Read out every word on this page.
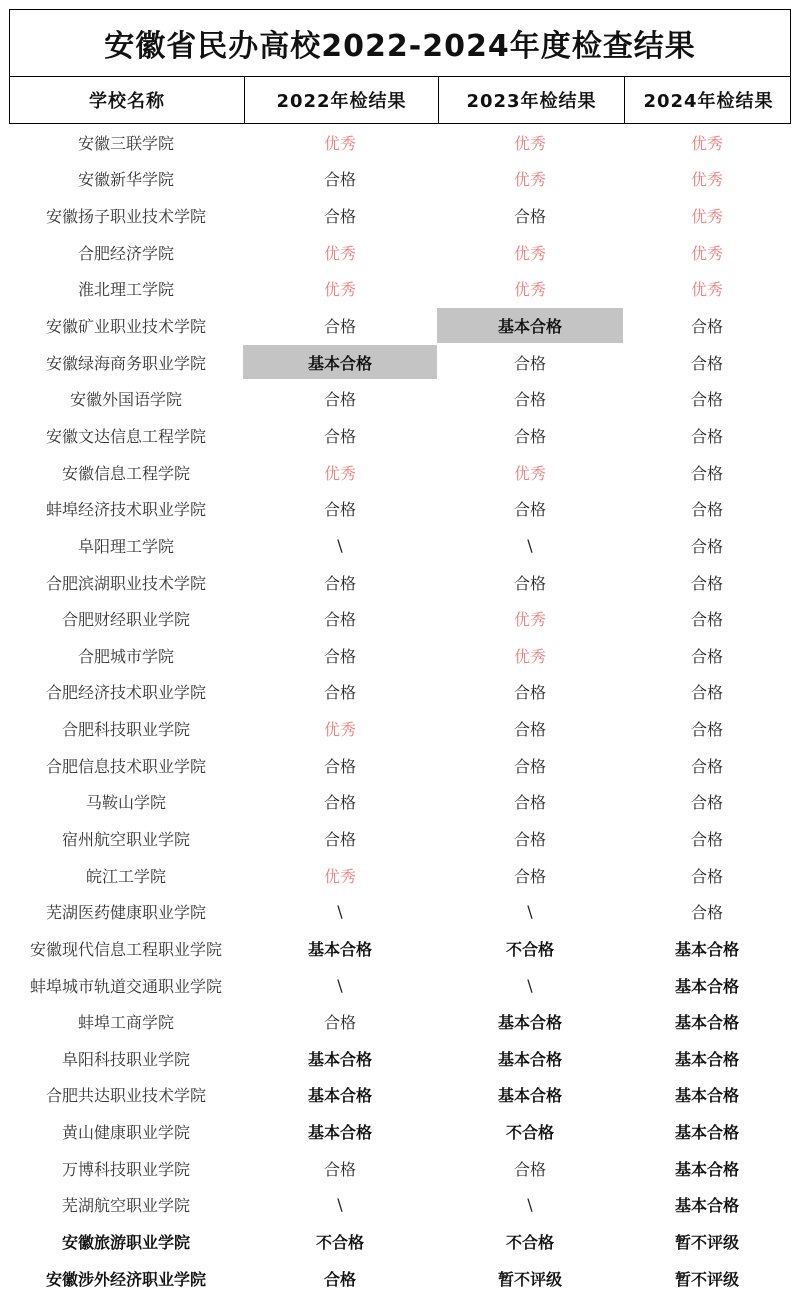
安徽省民办高校2022-2024年度检查结果
学校名称	2022年检结果	2023年检结果	2024年检结果
安徽三联学院	优秀	优秀	优秀
安徽新华学院	合格	优秀	优秀
安徽扬子职业技术学院	合格	合格	优秀
合肥经济学院	优秀	优秀	优秀
淮北理工学院	优秀	优秀	优秀
安徽矿业职业技术学院	合格	基本合格	合格
安徽绿海商务职业学院	基本合格	合格	合格
安徽外国语学院	合格	合格	合格
安徽文达信息工程学院	合格	合格	合格
安徽信息工程学院	优秀	优秀	合格
蚌埠经济技术职业学院	合格	合格	合格
阜阳理工学院	\	\	合格
合肥滨湖职业技术学院	合格	合格	合格
合肥财经职业学院	合格	优秀	合格
合肥城市学院	合格	优秀	合格
合肥经济技术职业学院	合格	合格	合格
合肥科技职业学院	优秀	合格	合格
合肥信息技术职业学院	合格	合格	合格
马鞍山学院	合格	合格	合格
宿州航空职业学院	合格	合格	合格
皖江工学院	优秀	合格	合格
芜湖医药健康职业学院	\	\	合格
安徽现代信息工程职业学院	基本合格	不合格	基本合格
蚌埠城市轨道交通职业学院	\	\	基本合格
蚌埠工商学院	合格	基本合格	基本合格
阜阳科技职业学院	基本合格	基本合格	基本合格
合肥共达职业技术学院	基本合格	基本合格	基本合格
黄山健康职业学院	基本合格	不合格	基本合格
万博科技职业学院	合格	合格	基本合格
芜湖航空职业学院	\	\	基本合格
安徽旅游职业学院	不合格	不合格	暂不评级
安徽涉外经济职业学院	合格	暂不评级	暂不评级
